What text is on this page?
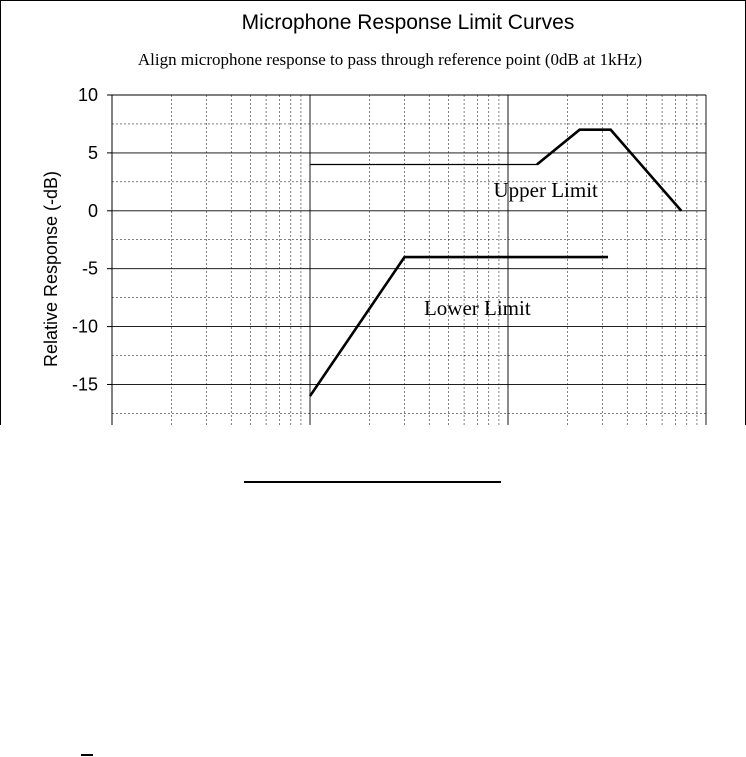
Microphone Response Limit Curves
Align microphone response to pass through reference point (0dB at 1kHz)
Relative Response (-dB)
10
5
0
-5
-10
-15
Upper Limit
Lower Limit
